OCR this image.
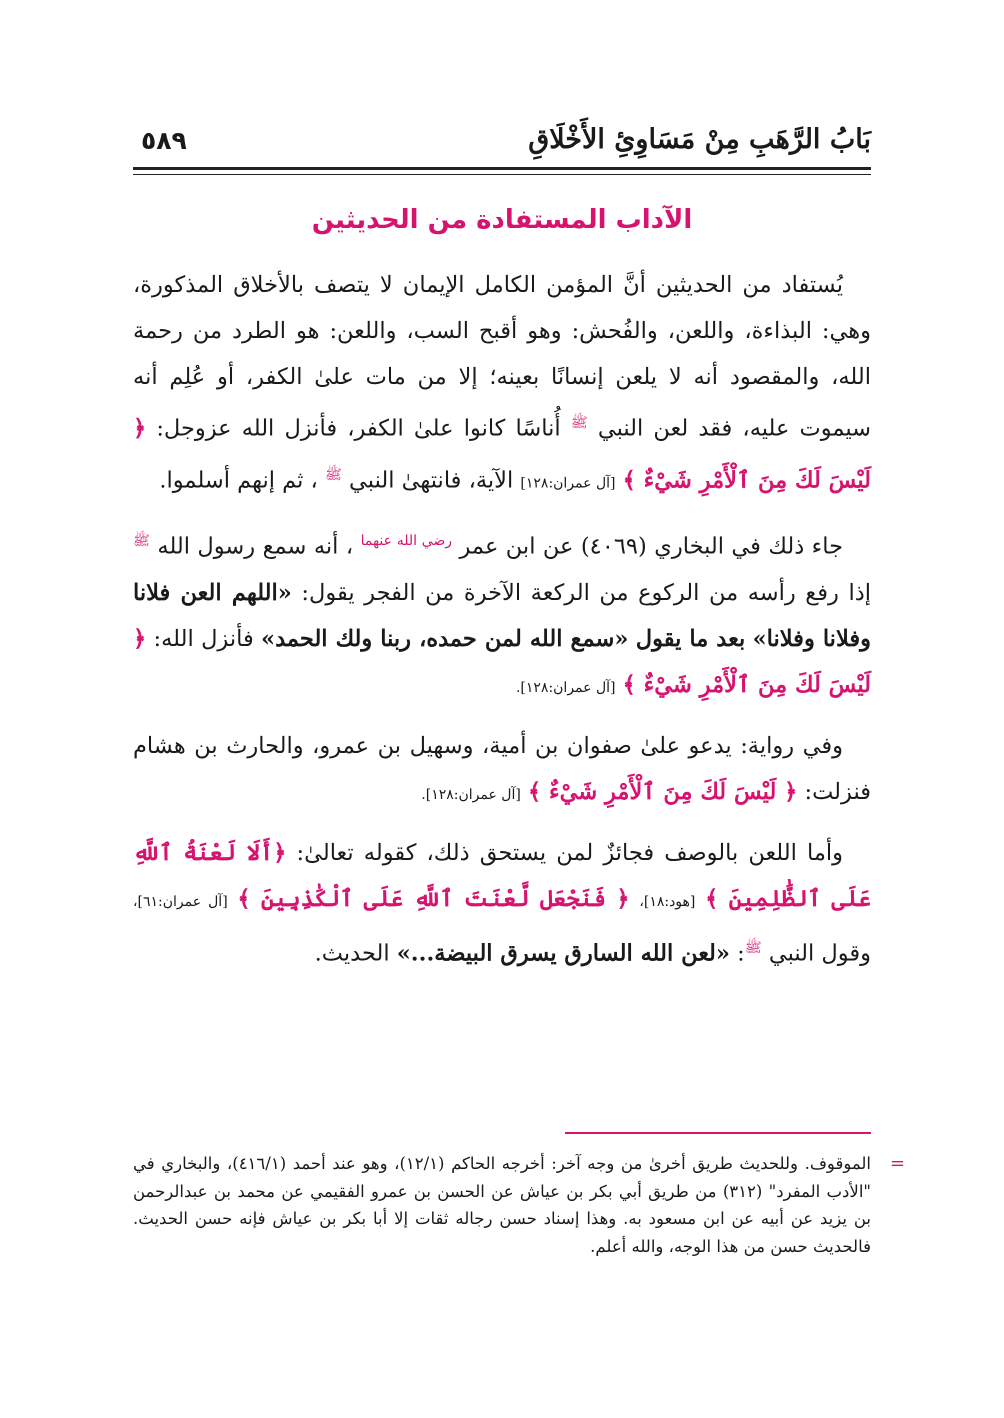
بَابُ الرَّهَبِ مِنْ مَسَاوِئِ الأَخْلَاقِ
٥٨٩
الآداب المستفادة من الحديثين

يُستفاد من الحديثين أنَّ المؤمن الكامل الإيمان لا يتصف بالأخلاق المذكورة، وهي: البذاءة، واللعن، والفُحش: وهو أقبح السب، واللعن: هو الطرد من رحمة الله، والمقصود أنه لا يلعن إنسانًا بعينه؛ إلا من مات علىٰ الكفر، أو عُلِم أنه سيموت عليه، فقد لعن النبي $^ﷺ$ أُناسًا كانوا علىٰ الكفر، فأنزل الله عزوجل: ﴿ لَيْسَ لَكَ مِنَ ٱلْأَمْرِ شَيْءٌ ﴾ [آل عمران:١٢٨] الآية، فانتهىٰ النبي $^ﷺ$ ، ثم إنهم أسلموا.

جاء ذلك في البخاري (٤٠٦٩) عن ابن عمر $^{رضي الله عنهما}$ ، أنه سمع رسول الله $^ﷺ$ إذا رفع رأسه من الركوع من الركعة الآخرة من الفجر يقول: «اللهم العن فلانا وفلانا وفلانا» بعد ما يقول «سمع الله لمن حمده، ربنا ولك الحمد» فأنزل الله: ﴿ لَيْسَ لَكَ مِنَ ٱلْأَمْرِ شَيْءٌ ﴾ [آل عمران:١٢٨].

وفي رواية: يدعو علىٰ صفوان بن أمية، وسهيل بن عمرو، والحارث بن هشام فنزلت: ﴿ لَيْسَ لَكَ مِنَ ٱلْأَمْرِ شَيْءٌ ﴾ [آل عمران:١٢٨].

وأما اللعن بالوصف فجائزٌ لمن يستحق ذلك، كقوله تعالىٰ: ﴿أَلَا لَعْنَةُ ٱللَّهِ عَلَى ٱلظَّٰلِمِينَ ﴾ [هود:١٨]، ﴿ فَنَجْعَل لَّعْنَتَ ٱللَّهِ عَلَى ٱلْكَٰذِبِينَ ﴾ [آل عمران:٦١]، وقول النبي $^ﷺ$: «لعن الله السارق يسرق البيضة...» الحديث.

=
الموقوف. وللحديث طريق أخرىٰ من وجه آخر: أخرجه الحاكم (١٢/١)، وهو عند أحمد (٤١٦/١)، والبخاري في "الأدب المفرد" (٣١٢) من طريق أبي بكر بن عياش عن الحسن بن عمرو الفقيمي عن محمد بن عبدالرحمن بن يزيد عن أبيه عن ابن مسعود به. وهذا إسناد حسن رجاله ثقات إلا أبا بكر بن عياش فإنه حسن الحديث. فالحديث حسن من هذا الوجه، والله أعلم.
